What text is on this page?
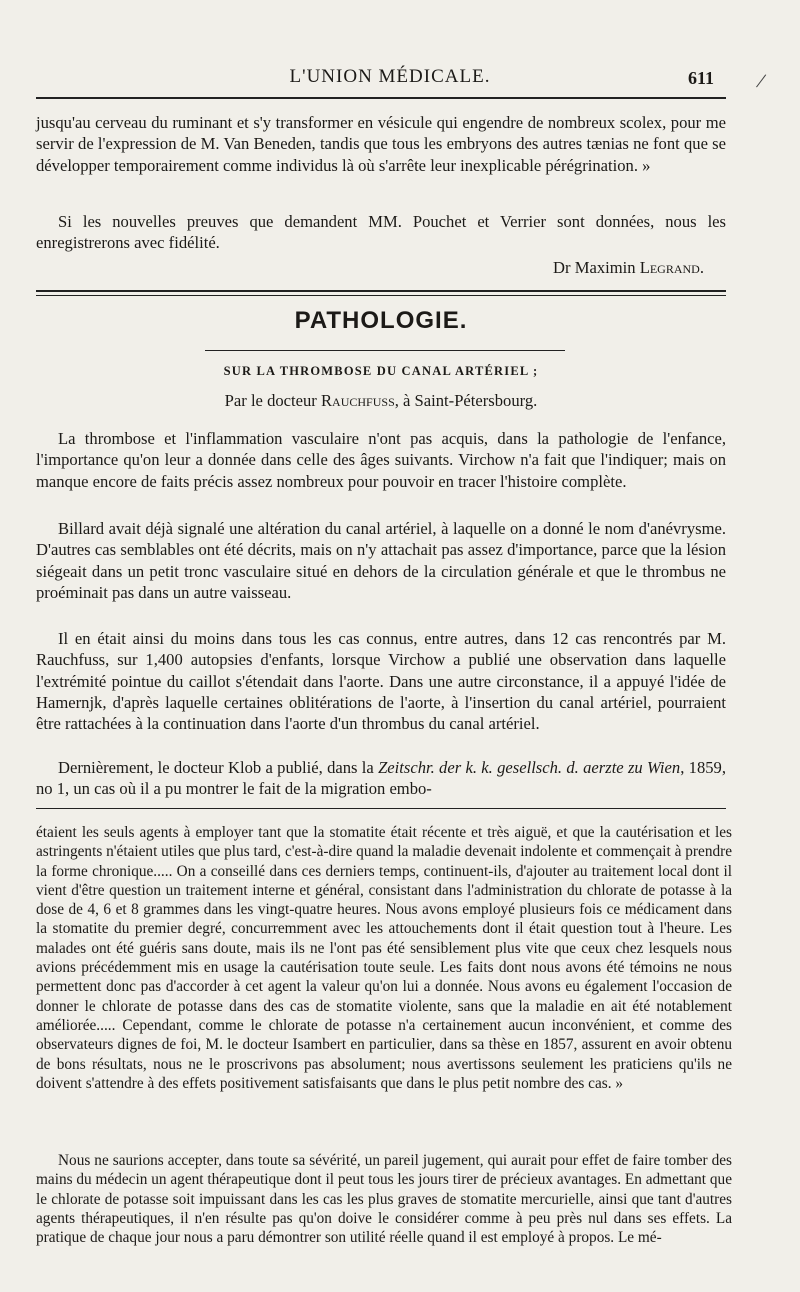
L'UNION MÉDICALE.	611 /

jusqu'au cerveau du ruminant et s'y transformer en vésicule qui engendre de nombreux scolex, pour me servir de l'expression de M. Van Beneden, tandis que tous les embryons des autres tænias ne font que se développer temporairement comme individus là où s'arrête leur inexplicable pérégrination. »

Si les nouvelles preuves que demandent MM. Pouchet et Verrier sont données, nous les enregistrerons avec fidélité.

Dr Maximin Legrand.
PATHOLOGIE.
SUR LA THROMBOSE DU CANAL ARTÉRIEL ;
Par le docteur Rauchfuss, à Saint-Pétersbourg.

La thrombose et l'inflammation vasculaire n'ont pas acquis, dans la pathologie de l'enfance, l'importance qu'on leur a donnée dans celle des âges suivants. Virchow n'a fait que l'indiquer; mais on manque encore de faits précis assez nombreux pour pouvoir en tracer l'histoire complète.

Billard avait déjà signalé une altération du canal artériel, à laquelle on a donné le nom d'anévrysme. D'autres cas semblables ont été décrits, mais on n'y attachait pas assez d'importance, parce que la lésion siégeait dans un petit tronc vasculaire situé en dehors de la circulation générale et que le thrombus ne proéminait pas dans un autre vaisseau.

Il en était ainsi du moins dans tous les cas connus, entre autres, dans 12 cas rencontrés par M. Rauchfuss, sur 1,400 autopsies d'enfants, lorsque Virchow a publié une observation dans laquelle l'extrémité pointue du caillot s'étendait dans l'aorte. Dans une autre circonstance, il a appuyé l'idée de Hamernjk, d'après laquelle certaines oblitérations de l'aorte, à l'insertion du canal artériel, pourraient être rattachées à la continuation dans l'aorte d'un thrombus du canal artériel.

Dernièrement, le docteur Klob a publié, dans la Zeitschr. der k. k. gesellsch. d. aerzte zu Wien, 1859, no 1, un cas où il a pu montrer le fait de la migration embo-

étaient les seuls agents à employer tant que la stomatite était récente et très aiguë, et que la cautérisation et les astringents n'étaient utiles que plus tard, c'est-à-dire quand la maladie devenait indolente et commençait à prendre la forme chronique..... On a conseillé dans ces derniers temps, continuent-ils, d'ajouter au traitement local dont il vient d'être question un traitement interne et général, consistant dans l'administration du chlorate de potasse à la dose de 4, 6 et 8 grammes dans les vingt-quatre heures. Nous avons employé plusieurs fois ce médicament dans la stomatite du premier degré, concurremment avec les attouchements dont il était question tout à l'heure. Les malades ont été guéris sans doute, mais ils ne l'ont pas été sensiblement plus vite que ceux chez lesquels nous avions précédemment mis en usage la cautérisation toute seule. Les faits dont nous avons été témoins ne nous permettent donc pas d'accorder à cet agent la valeur qu'on lui a donnée. Nous avons eu également l'occasion de donner le chlorate de potasse dans des cas de stomatite violente, sans que la maladie en ait été notablement améliorée..... Cependant, comme le chlorate de potasse n'a certainement aucun inconvénient, et comme des observateurs dignes de foi, M. le docteur Isambert en particulier, dans sa thèse en 1857, assurent en avoir obtenu de bons résultats, nous ne le proscrivons pas absolument; nous avertissons seulement les praticiens qu'ils ne doivent s'attendre à des effets positivement satisfaisants que dans le plus petit nombre des cas. »

Nous ne saurions accepter, dans toute sa sévérité, un pareil jugement, qui aurait pour effet de faire tomber des mains du médecin un agent thérapeutique dont il peut tous les jours tirer de précieux avantages. En admettant que le chlorate de potasse soit impuissant dans les cas les plus graves de stomatite mercurielle, ainsi que tant d'autres agents thérapeutiques, il n'en résulte pas qu'on doive le considérer comme à peu près nul dans ses effets. La pratique de chaque jour nous a paru démontrer son utilité réelle quand il est employé à propos. Le mé-
